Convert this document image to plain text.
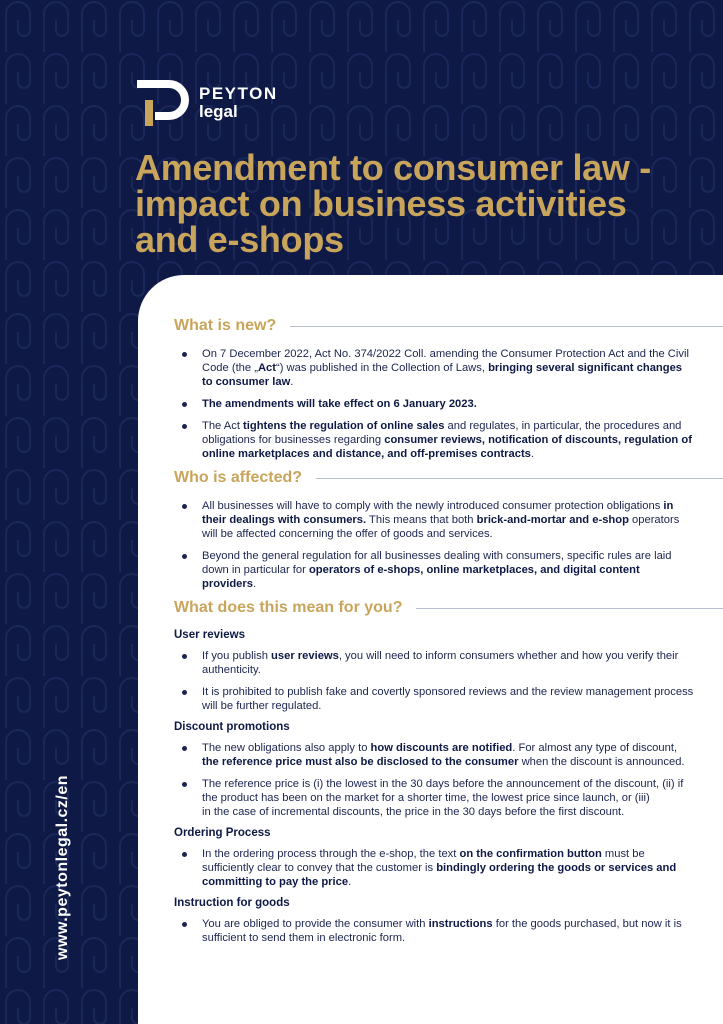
PEYTON
legal
Amendment to consumer law - impact on business activities and e-shops
www.peytonlegal.cz/en
What is new?
On 7 December 2022, Act No. 374/2022 Coll. amending the Consumer Protection Act and the Civil Code (the „Act“) was published in the Collection of Laws, bringing several significant changes to consumer law.
The amendments will take effect on 6 January 2023.
The Act tightens the regulation of online sales and regulates, in particular, the procedures and obligations for businesses regarding consumer reviews, notification of discounts, regulation of online marketplaces and distance, and off-premises contracts.
Who is affected?
All businesses will have to comply with the newly introduced consumer protection obligations in their dealings with consumers. This means that both brick-and-mortar and e-shop operators will be affected concerning the offer of goods and services.
Beyond the general regulation for all businesses dealing with consumers, specific rules are laid down in particular for operators of e-shops, online marketplaces, and digital content providers.
What does this mean for you?
User reviews
If you publish user reviews, you will need to inform consumers whether and how you verify their authenticity.
It is prohibited to publish fake and covertly sponsored reviews and the review management process will be further regulated.
Discount promotions
The new obligations also apply to how discounts are notified. For almost any type of discount, the reference price must also be disclosed to the consumer when the discount is announced.
The reference price is (i) the lowest in the 30 days before the announcement of the discount, (ii) if the product has been on the market for a shorter time, the lowest price since launch, or (iii)
in the case of incremental discounts, the price in the 30 days before the first discount.
Ordering Process
In the ordering process through the e-shop, the text on the confirmation button must be sufficiently clear to convey that the customer is bindingly ordering the goods or services and committing to pay the price.
Instruction for goods
You are obliged to provide the consumer with instructions for the goods purchased, but now it is sufficient to send them in electronic form.
